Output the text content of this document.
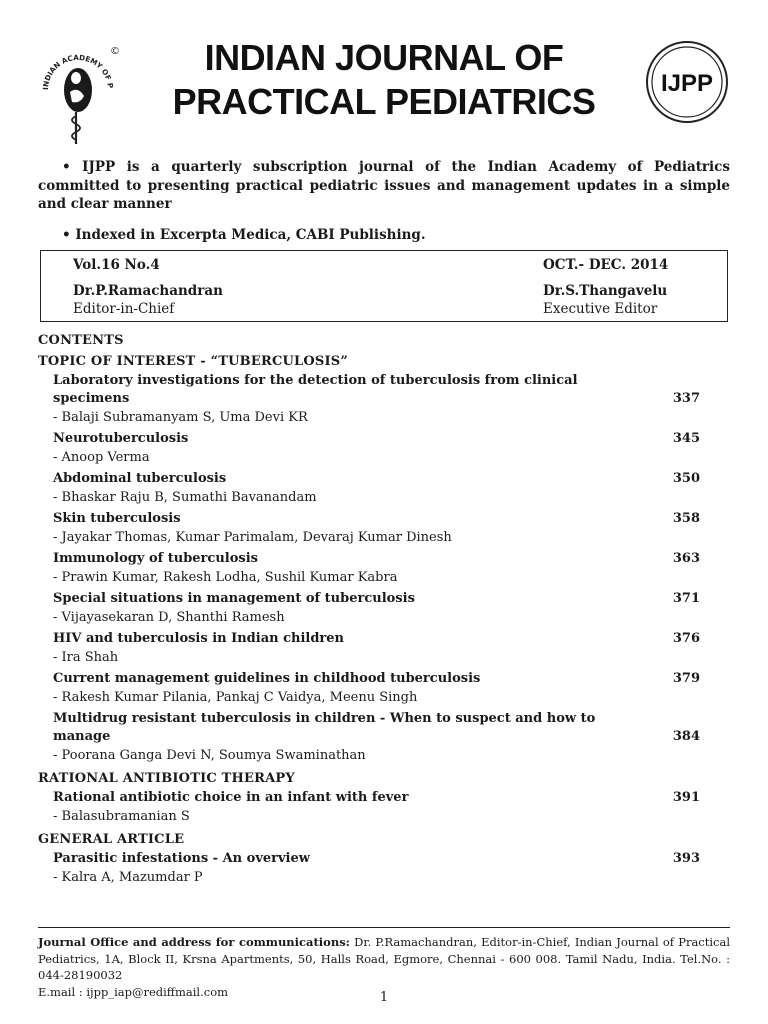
INDIAN ACADEMY OF P
©	INDIAN JOURNAL OF
PRACTICAL PEDIATRICS	IJPP
• IJPP is a quarterly subscription journal of the Indian Academy of Pediatrics committed to presenting practical pediatric issues and management updates in a simple and clear manner
• Indexed in Excerpta Medica, CABI Publishing.
Vol.16 No.4	OCT.- DEC. 2014
Dr.P.Ramachandran
Editor-in-Chief
Dr.S.Thangavelu
Executive Editor
CONTENTS
TOPIC OF INTEREST - “TUBERCULOSIS”
Laboratory investigations for the detection of tuberculosis from clinical specimens	337
- Balaji Subramanyam S, Uma Devi KR
Neurotuberculosis	345
- Anoop Verma
Abdominal tuberculosis	350
- Bhaskar Raju B, Sumathi Bavanandam
Skin tuberculosis	358
- Jayakar Thomas, Kumar Parimalam, Devaraj Kumar Dinesh
Immunology of tuberculosis	363
- Prawin Kumar, Rakesh Lodha, Sushil Kumar Kabra
Special situations in management of tuberculosis	371
- Vijayasekaran D, Shanthi Ramesh
HIV and tuberculosis in Indian children	376
- Ira Shah
Current management guidelines in childhood tuberculosis	379
- Rakesh Kumar Pilania, Pankaj C Vaidya, Meenu Singh
Multidrug resistant tuberculosis in children - When to suspect and how to manage	384
- Poorana Ganga Devi N, Soumya Swaminathan
RATIONAL ANTIBIOTIC THERAPY
Rational antibiotic choice in an infant with fever	391
- Balasubramanian S
GENERAL ARTICLE
Parasitic infestations - An overview	393
- Kalra A, Mazumdar P
Journal Office and address for communications: Dr. P.Ramachandran, Editor-in-Chief, Indian Journal of Practical Pediatrics, 1A, Block II, Krsna Apartments, 50, Halls Road, Egmore, Chennai - 600 008. Tamil Nadu, India. Tel.No. : 044-28190032
E.mail : ijpp_iap@rediffmail.com	1
